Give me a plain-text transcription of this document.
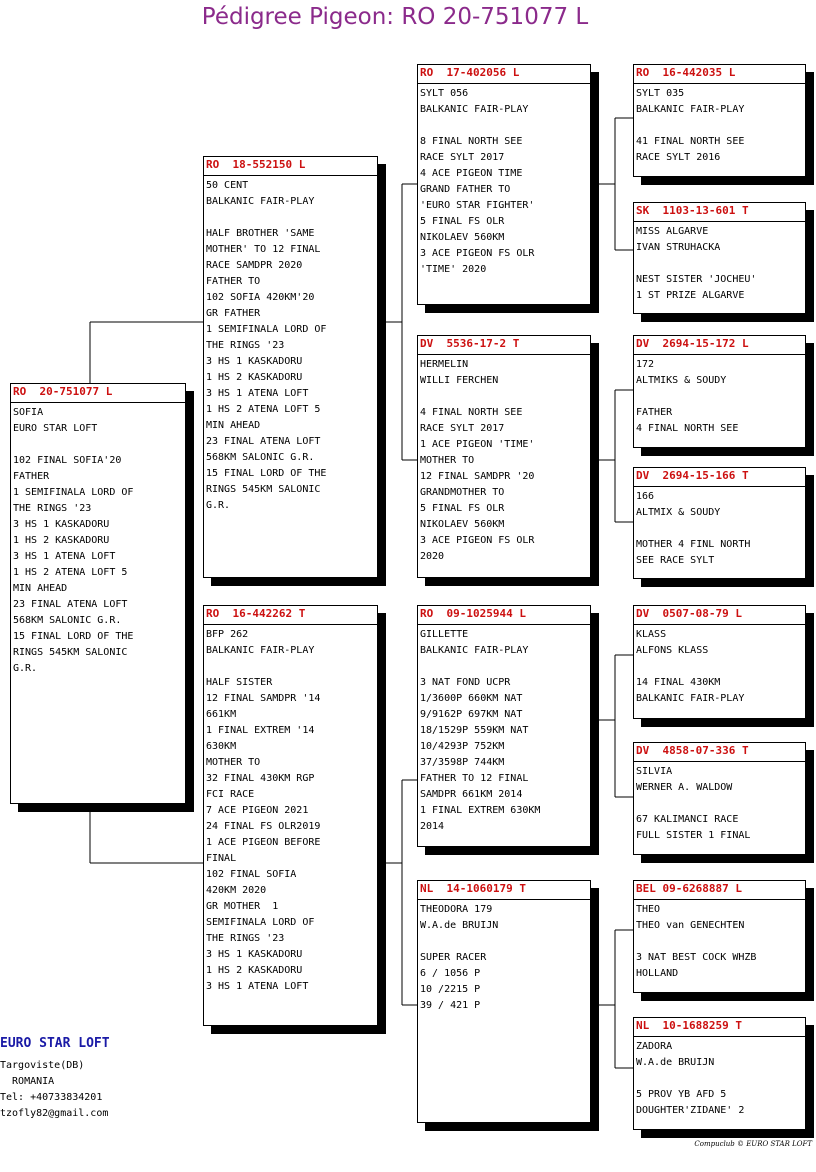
Pédigree Pigeon: RO 20-751077 L
RO  20-751077 L
SOFIA
EURO STAR LOFT
102 FINAL SOFIA'20
FATHER
1 SEMIFINALA LORD OF
THE RINGS '23
3 HS 1 KASKADORU
1 HS 2 KASKADORU
3 HS 1 ATENA LOFT
1 HS 2 ATENA LOFT 5
MIN AHEAD
23 FINAL ATENA LOFT
568KM SALONIC G.R.
15 FINAL LORD OF THE
RINGS 545KM SALONIC
G.R.
RO  18-552150 L
50 CENT
BALKANIC FAIR-PLAY
HALF BROTHER 'SAME
MOTHER' TO 12 FINAL
RACE SAMDPR 2020
FATHER TO
102 SOFIA 420KM'20
GR FATHER
1 SEMIFINALA LORD OF
THE RINGS '23
3 HS 1 KASKADORU
1 HS 2 KASKADORU
3 HS 1 ATENA LOFT
1 HS 2 ATENA LOFT 5
MIN AHEAD
23 FINAL ATENA LOFT
568KM SALONIC G.R.
15 FINAL LORD OF THE
RINGS 545KM SALONIC
G.R.
RO  16-442262 T
BFP 262
BALKANIC FAIR-PLAY
HALF SISTER
12 FINAL SAMDPR '14
661KM
1 FINAL EXTREM '14
630KM
MOTHER TO
32 FINAL 430KM RGP
FCI RACE
7 ACE PIGEON 2021
24 FINAL FS OLR2019
1 ACE PIGEON BEFORE
FINAL
102 FINAL SOFIA
420KM 2020
GR MOTHER  1
SEMIFINALA LORD OF
THE RINGS '23
3 HS 1 KASKADORU
1 HS 2 KASKADORU
3 HS 1 ATENA LOFT
RO  17-402056 L
SYLT 056
BALKANIC FAIR-PLAY
8 FINAL NORTH SEE
RACE SYLT 2017
4 ACE PIGEON TIME
GRAND FATHER TO
'EURO STAR FIGHTER'
5 FINAL FS OLR
NIKOLAEV 560KM
3 ACE PIGEON FS OLR
'TIME' 2020
DV  5536-17-2 T
HERMELIN
WILLI FERCHEN
4 FINAL NORTH SEE
RACE SYLT 2017
1 ACE PIGEON 'TIME'
MOTHER TO
12 FINAL SAMDPR '20
GRANDMOTHER TO
5 FINAL FS OLR
NIKOLAEV 560KM
3 ACE PIGEON FS OLR
2020
RO  09-1025944 L
GILLETTE
BALKANIC FAIR-PLAY
3 NAT FOND UCPR
1/3600P 660KM NAT
9/9162P 697KM NAT
18/1529P 559KM NAT
10/4293P 752KM
37/3598P 744KM
FATHER TO 12 FINAL
SAMDPR 661KM 2014
1 FINAL EXTREM 630KM
2014
NL  14-1060179 T
THEODORA 179
W.A.de BRUIJN
SUPER RACER
6 / 1056 P
10 /2215 P
39 / 421 P
RO  16-442035 L
SYLT 035
BALKANIC FAIR-PLAY
41 FINAL NORTH SEE
RACE SYLT 2016
SK  1103-13-601 T
MISS ALGARVE
IVAN STRUHACKA
NEST SISTER 'JOCHEU'
1 ST PRIZE ALGARVE
DV  2694-15-172 L
172
ALTMIKS & SOUDY
FATHER
4 FINAL NORTH SEE
DV  2694-15-166 T
166
ALTMIX & SOUDY
MOTHER 4 FINL NORTH
SEE RACE SYLT
DV  0507-08-79 L
KLASS
ALFONS KLASS
14 FINAL 430KM
BALKANIC FAIR-PLAY
DV  4858-07-336 T
SILVIA
WERNER A. WALDOW
67 KALIMANCI RACE
FULL SISTER 1 FINAL
BEL 09-6268887 L
THEO
THEO van GENECHTEN
3 NAT BEST COCK WHZB
HOLLAND
NL  10-1688259 T
ZADORA
W.A.de BRUIJN
5 PROV YB AFD 5
DOUGHTER'ZIDANE' 2
EURO STAR LOFT
Targoviste(DB)
ROMANIA
Tel: +40733834201
tzofly82@gmail.com
Compuclub © EURO STAR LOFT
